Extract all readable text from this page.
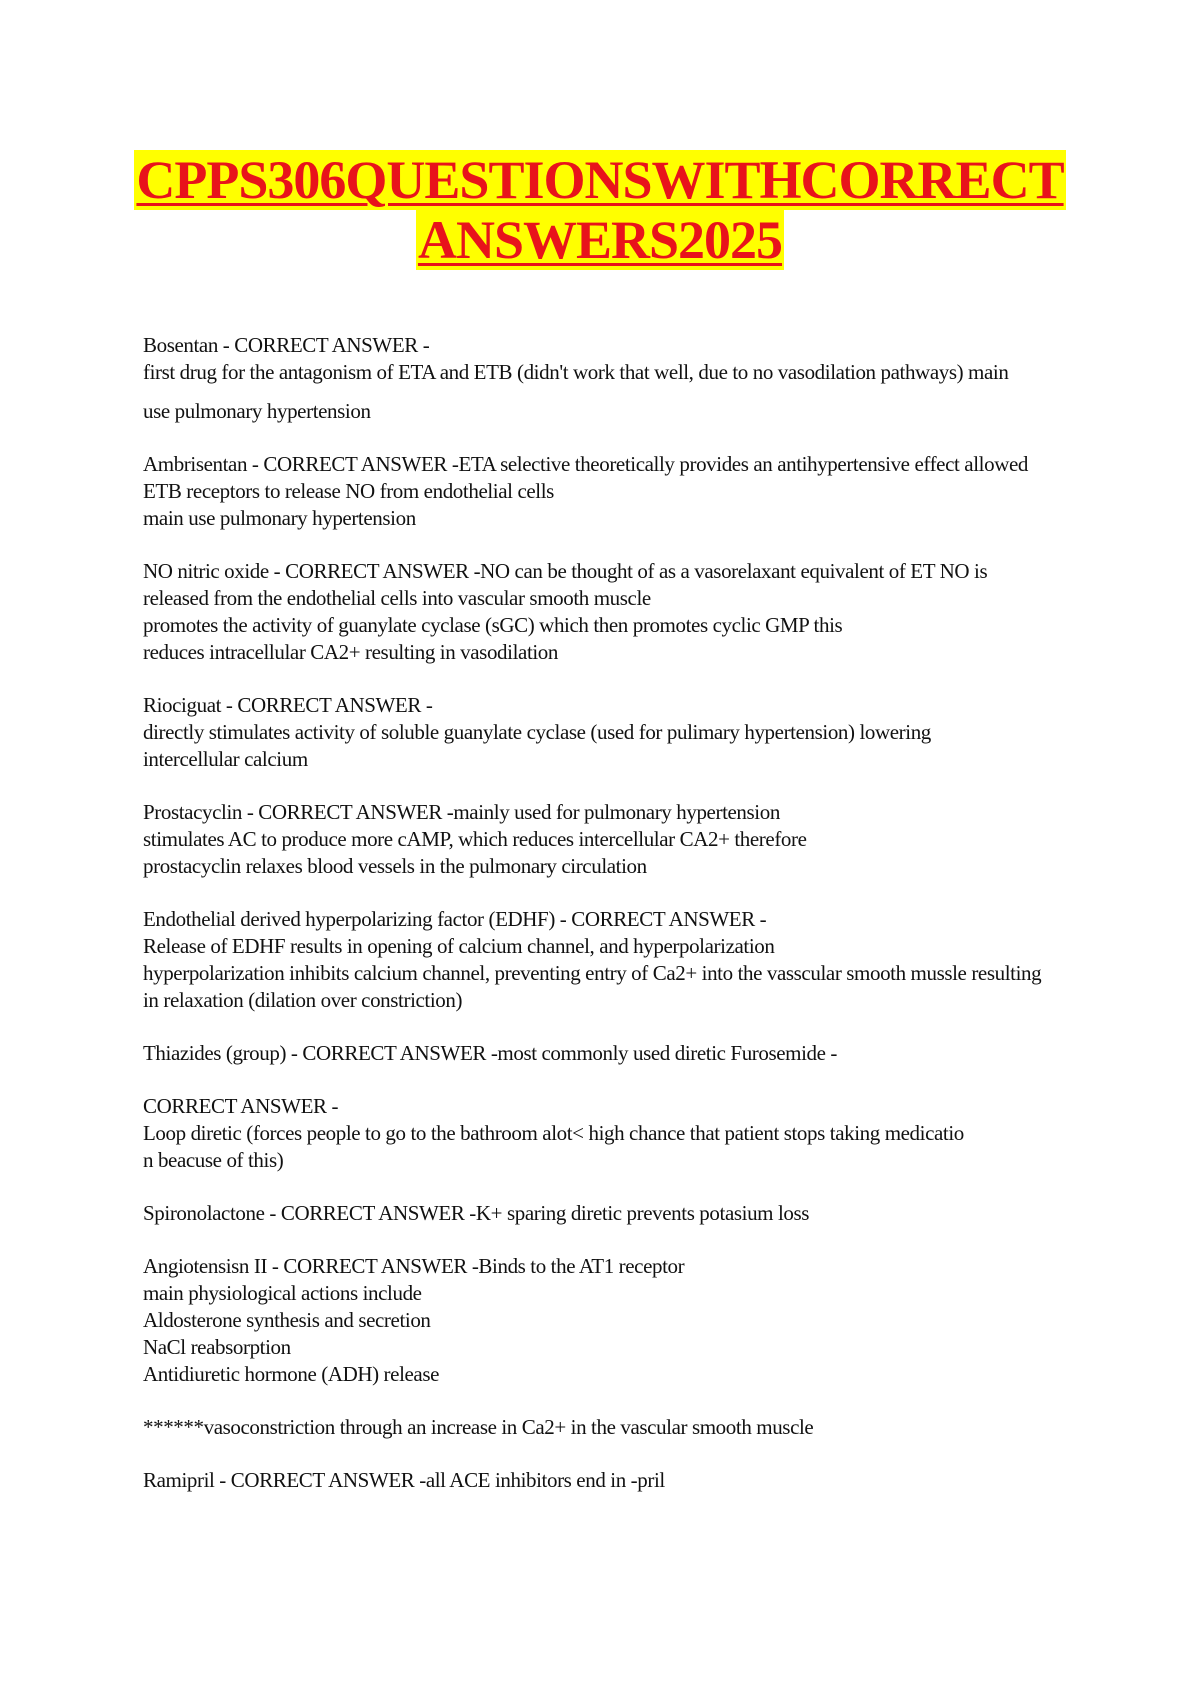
CPPS306QUESTIONSWITHCORRECT
ANSWERS2025

Bosentan - CORRECT ANSWER -
first drug for the antagonism of ETA and ETB (didn't work that well, due to no vasodilation pathways) main
use pulmonary hypertension

Ambrisentan - CORRECT ANSWER -ETA selective theoretically provides an antihypertensive effect allowed
ETB receptors to release NO from endothelial cells
main use pulmonary hypertension

NO nitric oxide - CORRECT ANSWER -NO can be thought of as a vasorelaxant equivalent of ET NO is
released from the endothelial cells into vascular smooth muscle
promotes the activity of guanylate cyclase (sGC) which then promotes cyclic GMP this
reduces intracellular CA2+ resulting in vasodilation

Riociguat - CORRECT ANSWER -
directly stimulates activity of soluble guanylate cyclase (used for pulimary hypertension) lowering
intercellular calcium

Prostacyclin - CORRECT ANSWER -mainly used for pulmonary hypertension
stimulates AC to produce more cAMP, which reduces intercellular CA2+ therefore
prostacyclin relaxes blood vessels in the pulmonary circulation

Endothelial derived hyperpolarizing factor (EDHF) - CORRECT ANSWER -
Release of EDHF results in opening of calcium channel, and hyperpolarization
hyperpolarization inhibits calcium channel, preventing entry of Ca2+ into the vasscular smooth mussle resulting
in relaxation (dilation over constriction)

Thiazides (group) - CORRECT ANSWER -most commonly used diretic Furosemide -

CORRECT ANSWER -
Loop diretic (forces people to go to the bathroom alot< high chance that patient stops taking medicatio
n beacuse of this)

Spironolactone - CORRECT ANSWER -K+ sparing diretic prevents potasium loss

Angiotensisn II - CORRECT ANSWER -Binds to the AT1 receptor
main physiological actions include
Aldosterone synthesis and secretion
NaCl reabsorption
Antidiuretic hormone (ADH) release

******vasoconstriction through an increase in Ca2+ in the vascular smooth muscle

Ramipril - CORRECT ANSWER -all ACE inhibitors end in -pril
